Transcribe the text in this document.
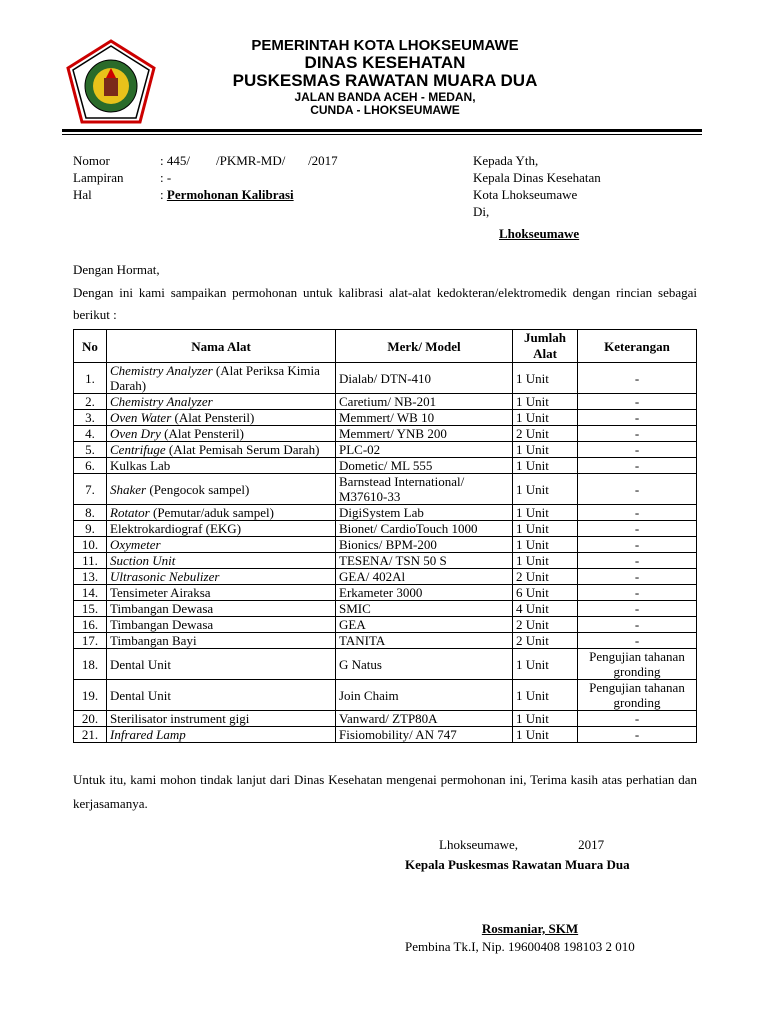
PEMERINTAH KOTA LHOKSEUMAWE
DINAS KESEHATAN
PUSKESMAS RAWATAN MUARA DUA
JALAN BANDA ACEH - MEDAN,
CUNDA - LHOKSEUMAWE
Nomor	: 445/        /PKMR-MD/       /2017
Lampiran	: -
Hal	: Permohonan Kalibrasi
Kepada Yth,
Kepala Dinas Kesehatan
Kota Lhokseumawe
Di,
Lhokseumawe
Dengan Hormat,
Dengan ini kami sampaikan permohonan untuk kalibrasi alat-alat kedokteran/elektromedik dengan rincian sebagai berikut :
No	Nama Alat	Merk/ Model	Jumlah Alat	Keterangan
1.	Chemistry Analyzer (Alat Periksa Kimia Darah)	Dialab/ DTN-410	1 Unit	-
2.	Chemistry Analyzer	Caretium/ NB-201	1 Unit	-
3.	Oven Water (Alat Pensteril)	Memmert/ WB 10	1 Unit	-
4.	Oven Dry (Alat Pensteril)	Memmert/ YNB 200	2 Unit	-
5.	Centrifuge (Alat Pemisah Serum Darah)	PLC-02	1 Unit	-
6.	Kulkas Lab	Dometic/ ML 555	1 Unit	-
7.	Shaker (Pengocok sampel)	Barnstead International/ M37610-33	1 Unit	-
8.	Rotator (Pemutar/aduk sampel)	DigiSystem Lab	1 Unit	-
9.	Elektrokardiograf (EKG)	Bionet/ CardioTouch 1000	1 Unit	-
10.	Oxymeter	Bionics/ BPM-200	1 Unit	-
11.	Suction Unit	TESENA/ TSN 50 S	1 Unit	-
13.	Ultrasonic Nebulizer	GEA/ 402Al	2 Unit	-
14.	Tensimeter Airaksa	Erkameter 3000	6 Unit	-
15.	Timbangan Dewasa	SMIC	4 Unit	-
16.	Timbangan Dewasa	GEA	2 Unit	-
17.	Timbangan Bayi	TANITA	2 Unit	-
18.	Dental Unit	G Natus	1 Unit	Pengujian tahanan gronding
19.	Dental Unit	Join Chaim	1 Unit	Pengujian tahanan gronding
20.	Sterilisator instrument gigi	Vanward/ ZTP80A	1 Unit	-
21.	Infrared Lamp	Fisiomobility/ AN 747	1 Unit	-
Untuk itu, kami mohon tindak lanjut dari Dinas Kesehatan mengenai permohonan ini, Terima kasih atas perhatian dan kerjasamanya.
Lhokseumawe,	2017
Kepala Puskesmas Rawatan Muara Dua
Rosmaniar, SKM
Pembina Tk.I, Nip. 19600408 198103 2 010
